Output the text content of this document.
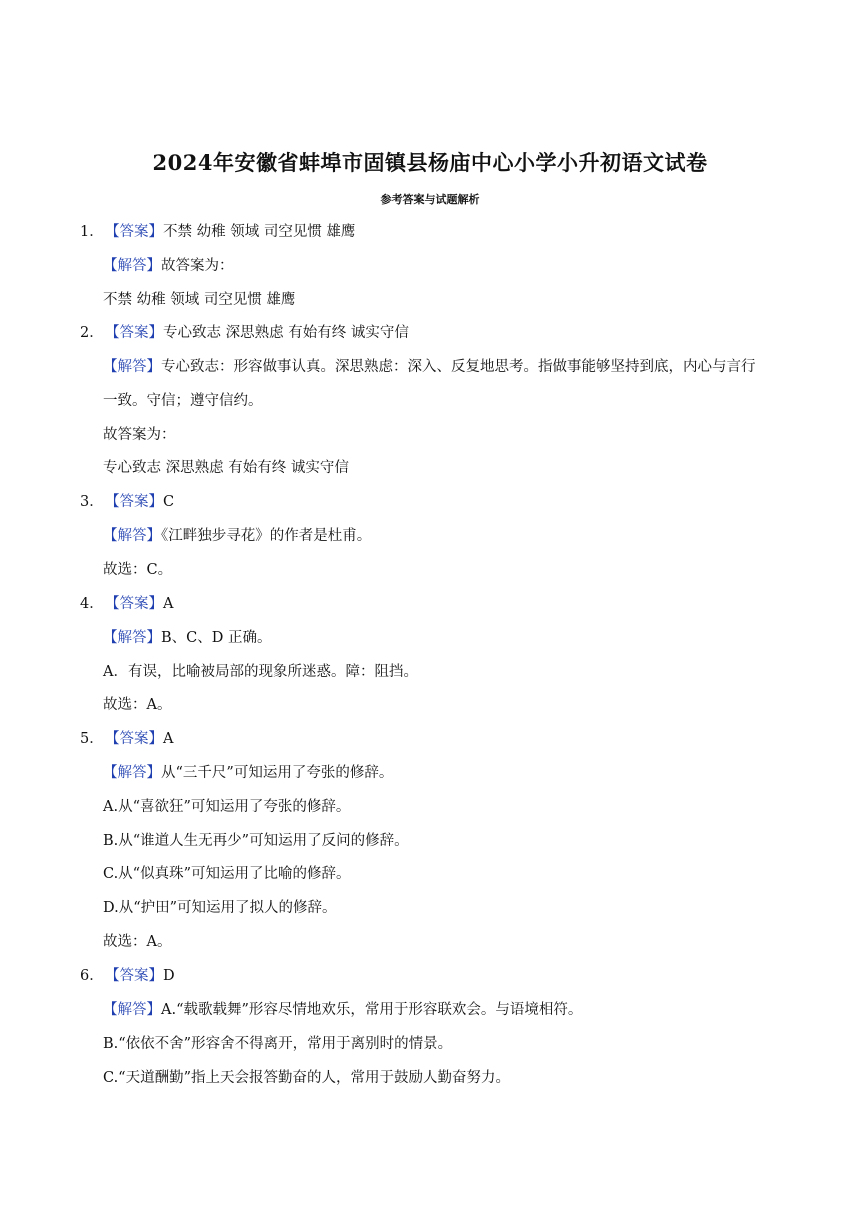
2024年安徽省蚌埠市固镇县杨庙中心小学小升初语文试卷
参考答案与试题解析
1．【答案】不禁 幼稚 领域 司空见惯 雄鹰
【解答】故答案为：
不禁 幼稚 领域 司空见惯 雄鹰
2．【答案】专心致志 深思熟虑 有始有终 诚实守信
【解答】专心致志：形容做事认真。深思熟虑：深入、反复地思考。指做事能够坚持到底，内心与言行
一致。守信；遵守信约。
故答案为：
专心致志 深思熟虑 有始有终 诚实守信
3．【答案】C
【解答】《江畔独步寻花》的作者是杜甫。
故选：C。
4．【答案】A
【解答】B、C、D 正确。
A．有误，比喻被局部的现象所迷惑。障：阻挡。
故选：A。
5．【答案】A
【解答】从“三千尺”可知运用了夸张的修辞。
A.从“喜欲狂”可知运用了夸张的修辞。
B.从“谁道人生无再少”可知运用了反问的修辞。
C.从“似真珠”可知运用了比喻的修辞。
D.从“护田”可知运用了拟人的修辞。
故选：A。
6．【答案】D
【解答】A.“载歌载舞”形容尽情地欢乐，常用于形容联欢会。与语境相符。
B.“依依不舍”形容舍不得离开，常用于离别时的情景。
C.“天道酬勤”指上天会报答勤奋的人，常用于鼓励人勤奋努力。
